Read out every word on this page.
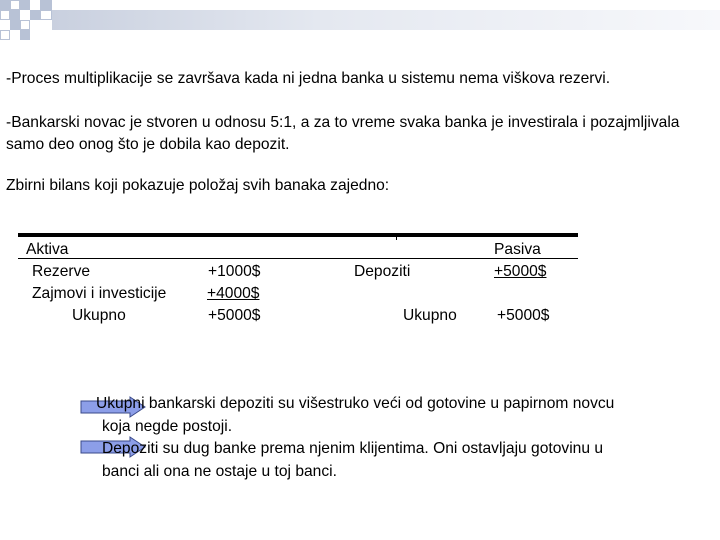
-Proces multiplikacije se završava kada ni jedna banka u sistemu nema viškova rezervi.

-Bankarski novac je stvoren u odnosu 5:1, a za to vreme svaka banka je investirala i pozajmljivala samo deo onog što je dobila kao depozit.

Zbirni bilans koji pokazuje položaj svih banaka zajedno:

Aktiva	Pasiva
Rezerve	+1000$	Depoziti	+5000$
Zajmovi i investicije	+4000$
Ukupno	+5000$	Ukupno	+5000$
Ukupni bankarski depoziti su višestruko veći od gotovine u papirnom novcu
koja negde postoji.
Depoziti su dug banke prema njenim klijentima. Oni ostavljaju gotovinu u
banci ali ona ne ostaje u toj banci.
